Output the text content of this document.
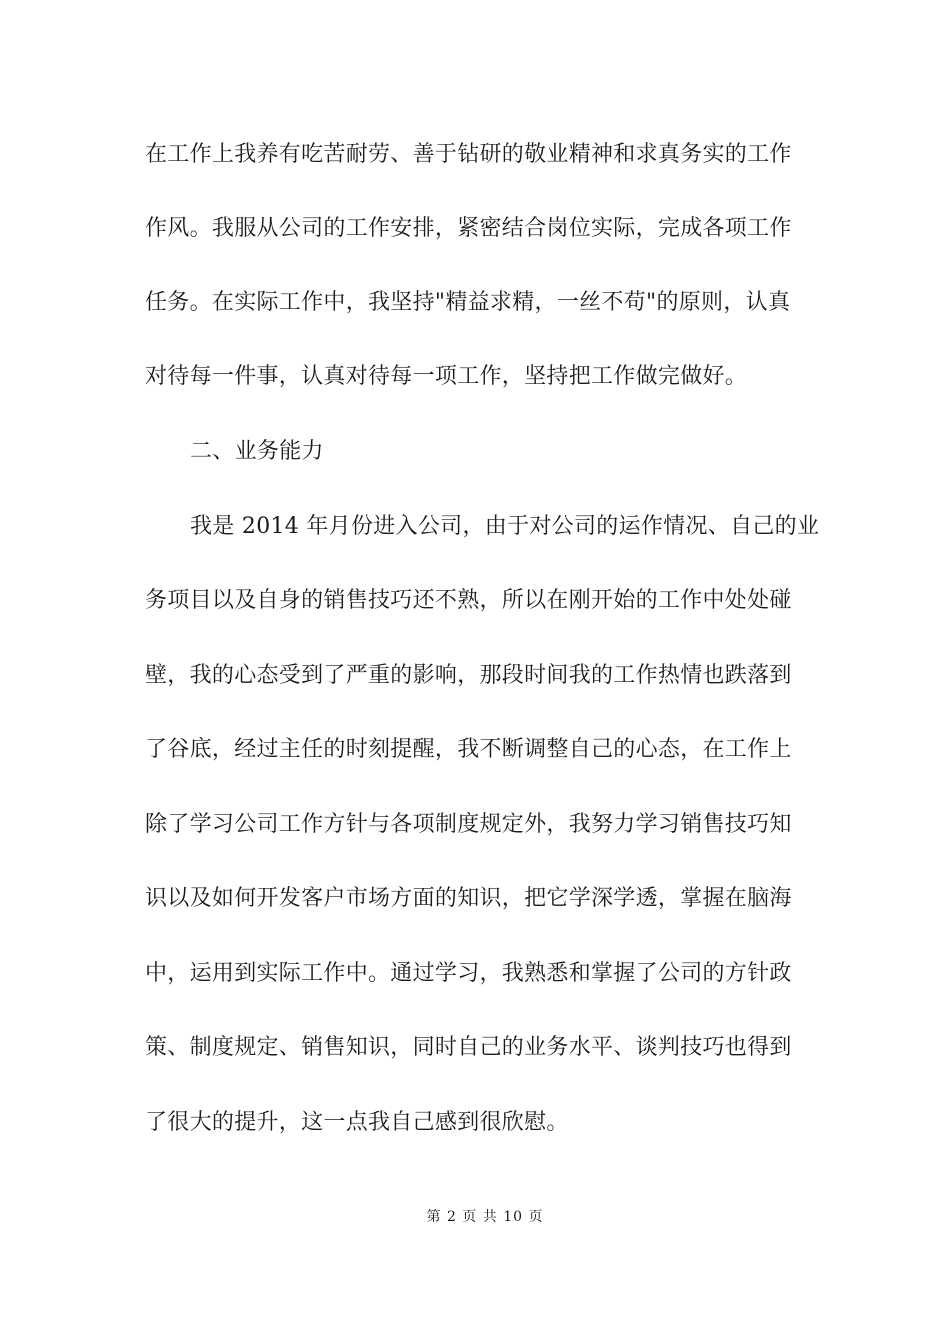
在工作上我养有吃苦耐劳、善于钻研的敬业精神和求真务实的工作
作风。我服从公司的工作安排，紧密结合岗位实际，完成各项工作
任务。在实际工作中，我坚持"精益求精，一丝不苟"的原则，认真
对待每一件事，认真对待每一项工作，坚持把工作做完做好。
二、业务能力
我是 2014 年月份进入公司，由于对公司的运作情况、自己的业
务项目以及自身的销售技巧还不熟，所以在刚开始的工作中处处碰
壁，我的心态受到了严重的影响，那段时间我的工作热情也跌落到
了谷底，经过主任的时刻提醒，我不断调整自己的心态，在工作上
除了学习公司工作方针与各项制度规定外，我努力学习销售技巧知
识以及如何开发客户市场方面的知识，把它学深学透，掌握在脑海
中，运用到实际工作中。通过学习，我熟悉和掌握了公司的方针政
策、制度规定、销售知识，同时自己的业务水平、谈判技巧也得到
了很大的提升，这一点我自己感到很欣慰。
第 2 页 共 10 页
